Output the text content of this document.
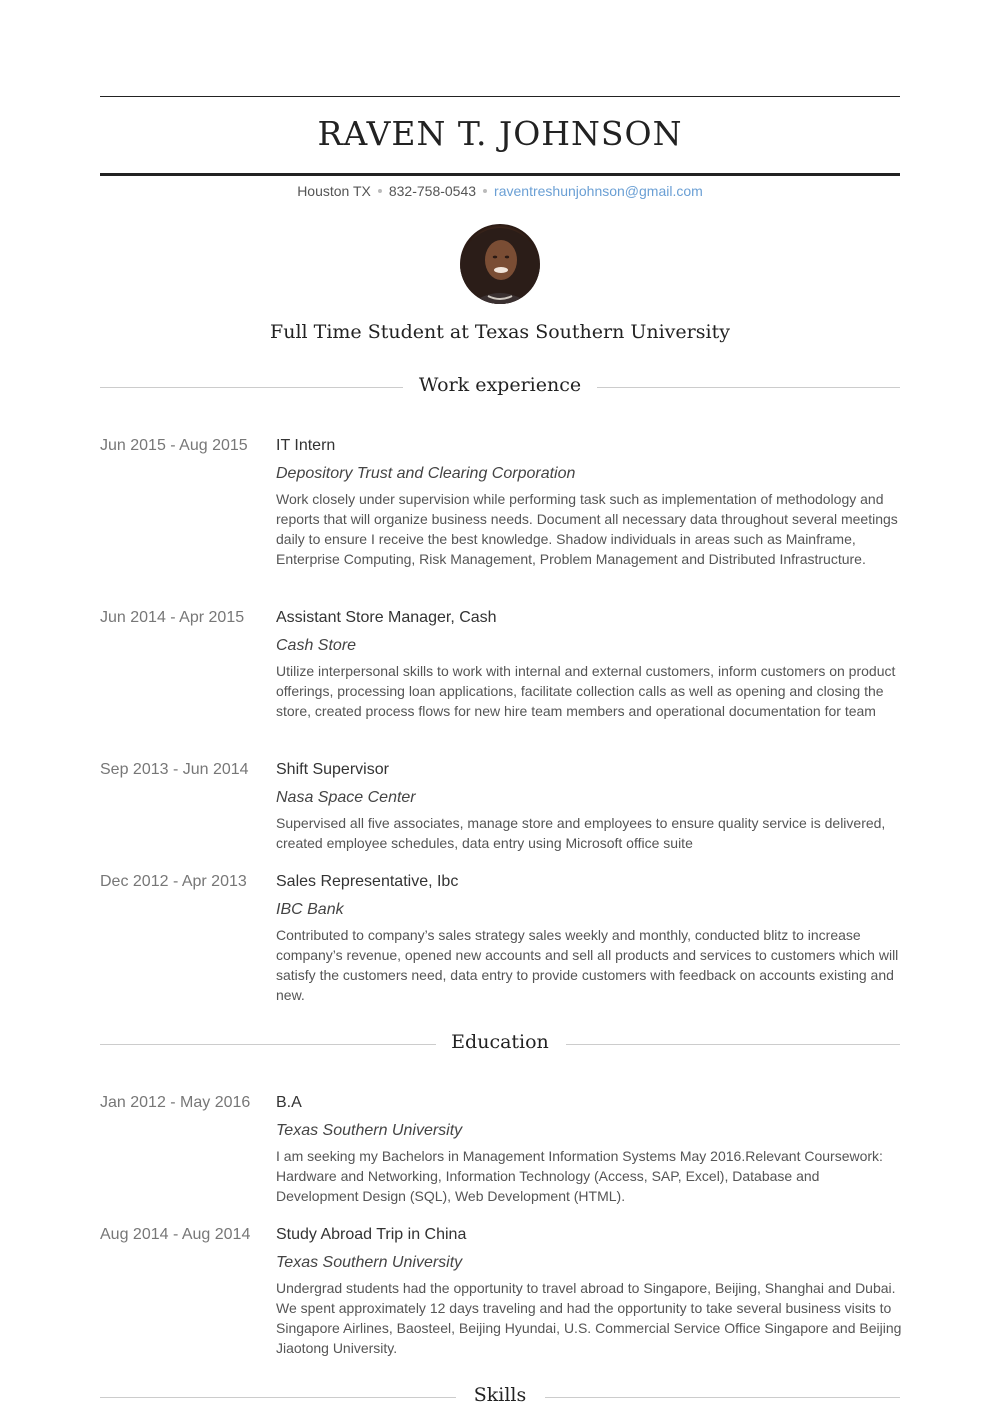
RAVEN T. JOHNSON
Houston TX 832-758-0543 raventreshunjohnson@gmail.com
Full Time Student at Texas Southern University
Work experience
Jun 2015 - Aug 2015 IT Intern
Depository Trust and Clearing Corporation
Work closely under supervision while performing task such as implementation of methodology and reports that will organize business needs. Document all necessary data throughout several meetings daily to ensure I receive the best knowledge. Shadow individuals in areas such as Mainframe, Enterprise Computing, Risk Management, Problem Management and Distributed Infrastructure.
Jun 2014 - Apr 2015 Assistant Store Manager, Cash
Cash Store
Utilize interpersonal skills to work with internal and external customers, inform customers on product offerings, processing loan applications, facilitate collection calls as well as opening and closing the store, created process flows for new hire team members and operational documentation for team
Sep 2013 - Jun 2014 Shift Supervisor
Nasa Space Center
Supervised all five associates, manage store and employees to ensure quality service is delivered, created employee schedules, data entry using Microsoft office suite
Dec 2012 - Apr 2013 Sales Representative, Ibc
IBC Bank
Contributed to company’s sales strategy sales weekly and monthly, conducted blitz to increase company’s revenue, opened new accounts and sell all products and services to customers which will satisfy the customers need, data entry to provide customers with feedback on accounts existing and new.
Education
Jan 2012 - May 2016 B.A
Texas Southern University
I am seeking my Bachelors in Management Information Systems May 2016.Relevant Coursework: Hardware and Networking, Information Technology (Access, SAP, Excel), Database and Development Design (SQL), Web Development (HTML).
Aug 2014 - Aug 2014 Study Abroad Trip in China
Texas Southern University
Undergrad students had the opportunity to travel abroad to Singapore, Beijing, Shanghai and Dubai. We spent approximately 12 days traveling and had the opportunity to take several business visits to Singapore Airlines, Baosteel, Beijing Hyundai, U.S. Commercial Service Office Singapore and Beijing Jiaotong University.
Skills
